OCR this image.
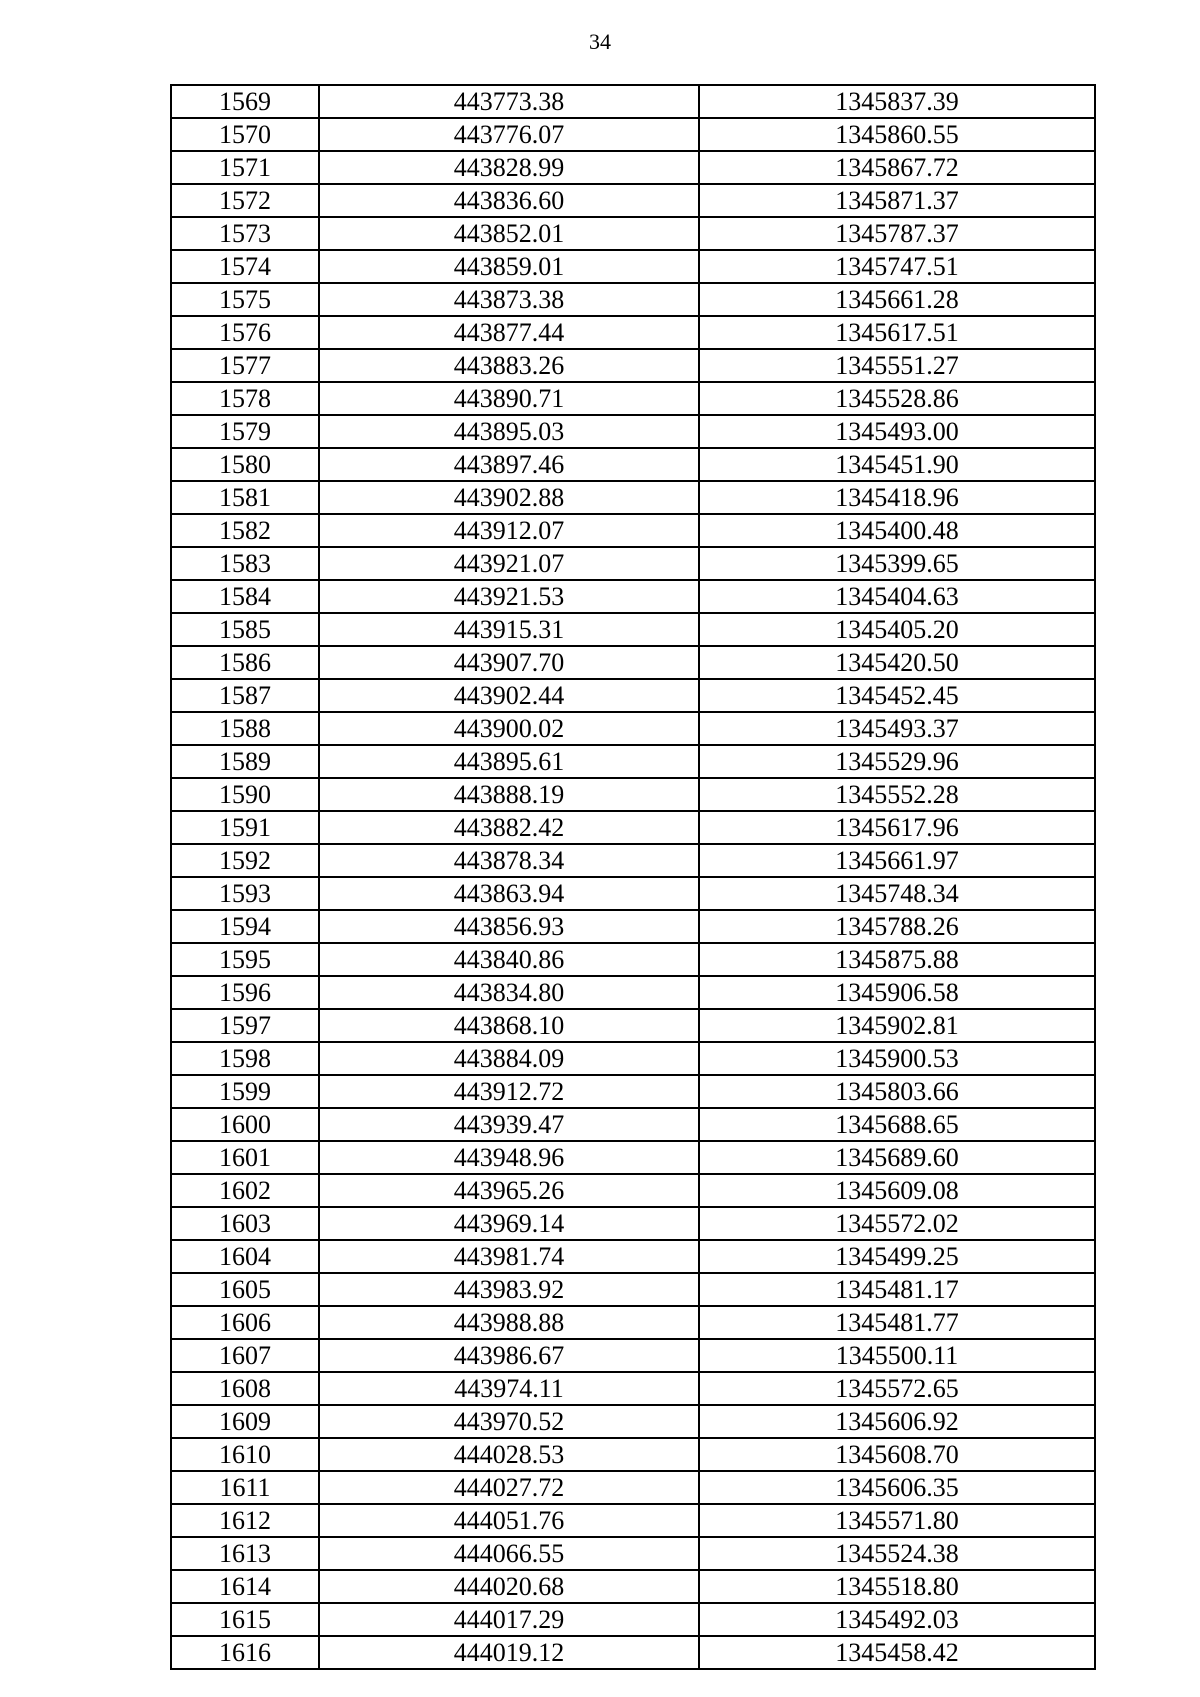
34
1569	443773.38	1345837.39
1570	443776.07	1345860.55
1571	443828.99	1345867.72
1572	443836.60	1345871.37
1573	443852.01	1345787.37
1574	443859.01	1345747.51
1575	443873.38	1345661.28
1576	443877.44	1345617.51
1577	443883.26	1345551.27
1578	443890.71	1345528.86
1579	443895.03	1345493.00
1580	443897.46	1345451.90
1581	443902.88	1345418.96
1582	443912.07	1345400.48
1583	443921.07	1345399.65
1584	443921.53	1345404.63
1585	443915.31	1345405.20
1586	443907.70	1345420.50
1587	443902.44	1345452.45
1588	443900.02	1345493.37
1589	443895.61	1345529.96
1590	443888.19	1345552.28
1591	443882.42	1345617.96
1592	443878.34	1345661.97
1593	443863.94	1345748.34
1594	443856.93	1345788.26
1595	443840.86	1345875.88
1596	443834.80	1345906.58
1597	443868.10	1345902.81
1598	443884.09	1345900.53
1599	443912.72	1345803.66
1600	443939.47	1345688.65
1601	443948.96	1345689.60
1602	443965.26	1345609.08
1603	443969.14	1345572.02
1604	443981.74	1345499.25
1605	443983.92	1345481.17
1606	443988.88	1345481.77
1607	443986.67	1345500.11
1608	443974.11	1345572.65
1609	443970.52	1345606.92
1610	444028.53	1345608.70
1611	444027.72	1345606.35
1612	444051.76	1345571.80
1613	444066.55	1345524.38
1614	444020.68	1345518.80
1615	444017.29	1345492.03
1616	444019.12	1345458.42
